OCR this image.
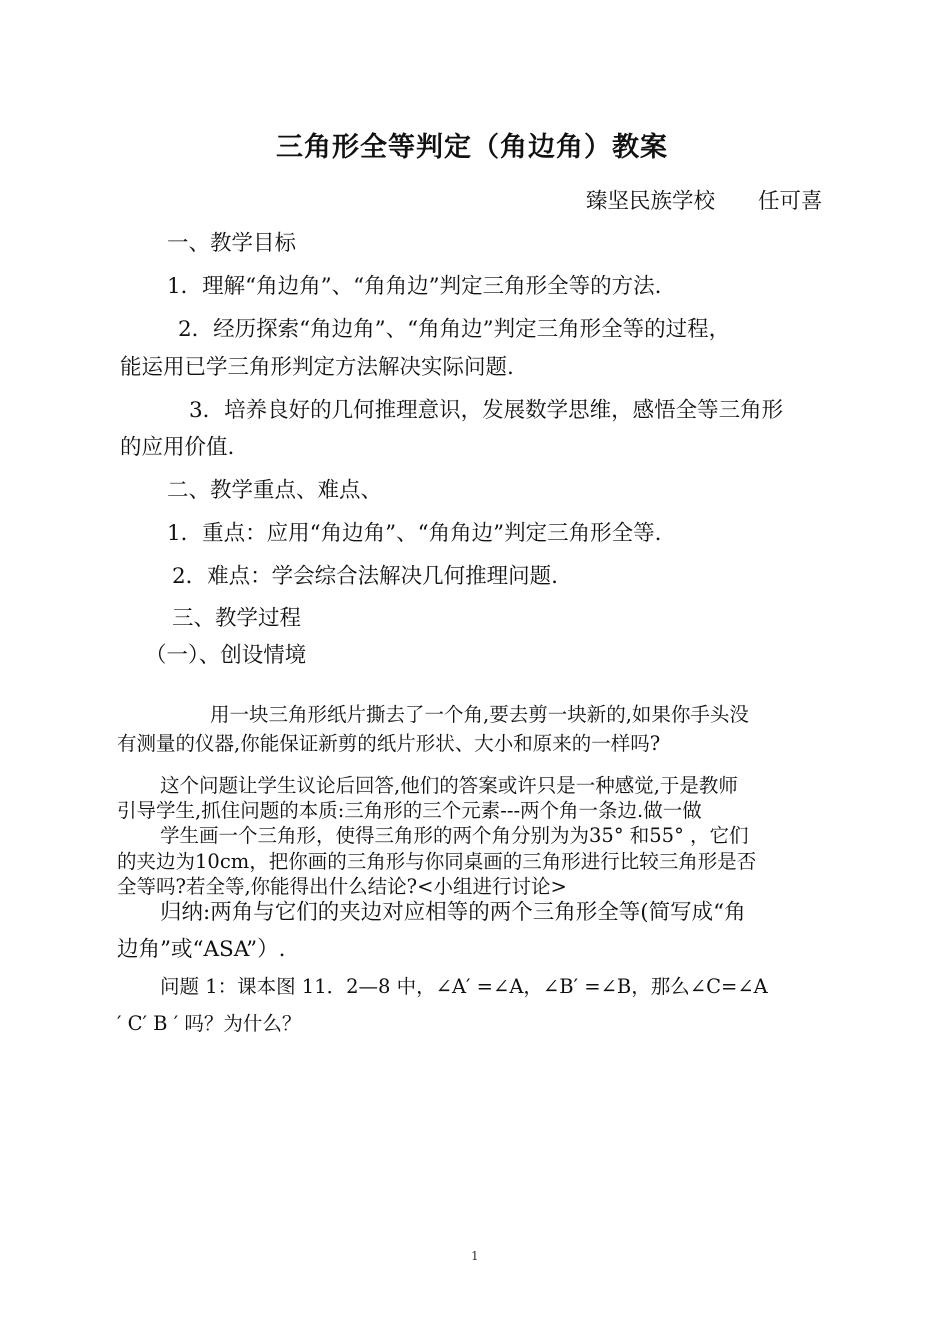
三角形全等判定（角边角）教案
臻坚民族学校　　任可喜
一、教学目标
1．理解“角边角”、“角角边”判定三角形全等的方法.
2．经历探索“角边角”、“角角边”判定三角形全等的过程，
能运用已学三角形判定方法解决实际问题.
3．培养良好的几何推理意识，发展数学思维，感悟全等三角形
的应用价值.
二、教学重点、难点、
1．重点：应用“角边角”、“角角边”判定三角形全等.
2．难点：学会综合法解决几何推理问题.
三、教学过程
（一）、创设情境
用一块三角形纸片撕去了一个角,要去剪一块新的,如果你手头没
有测量的仪器,你能保证新剪的纸片形状、大小和原来的一样吗?
这个问题让学生议论后回答,他们的答案或许只是一种感觉,于是教师
引导学生,抓住问题的本质:三角形的三个元素---两个角一条边.做一做
学生画一个三角形，使得三角形的两个角分别为为35° 和55° ，它们
的夹边为10cm，把你画的三角形与你同桌画的三角形进行比较三角形是否
全等吗?若全等,你能得出什么结论?<小组进行讨论>
归纳:两角与它们的夹边对应相等的两个三角形全等(简写成“角
边角”或“ASA”）.
问题 1：课本图 11．2—8 中，∠A′ =∠A，∠B′ =∠B，那么∠C=∠A
′ C′ B ′ 吗？为什么？
1
